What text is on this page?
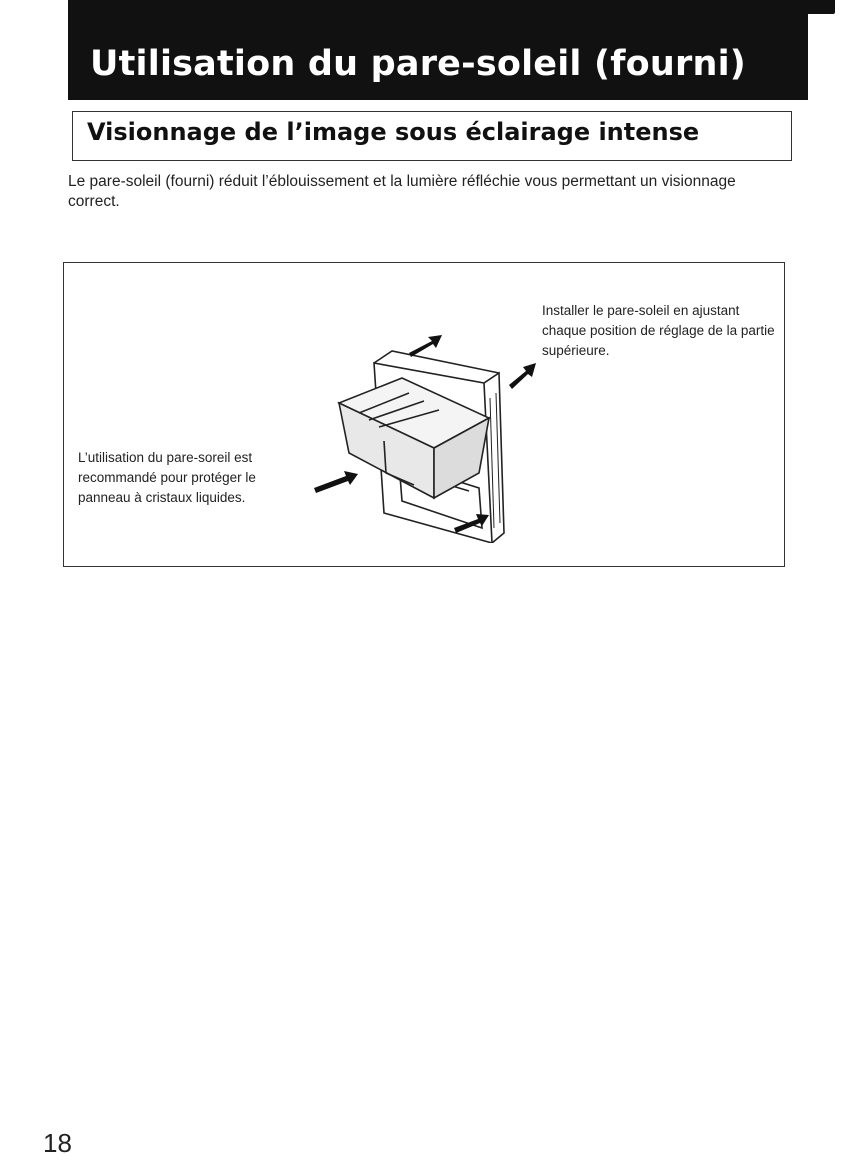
Utilisation du pare-soleil (fourni)
Visionnage de l’image sous éclairage intense
Le pare-soleil (fourni) réduit l’éblouissement et la lumière réfléchie vous permettant un visionnage correct.
Installer le pare-soleil en ajustant chaque position de réglage de la partie supérieure.
L’utilisation du pare-soreil est recommandé pour protéger le panneau à cristaux liquides.
18
